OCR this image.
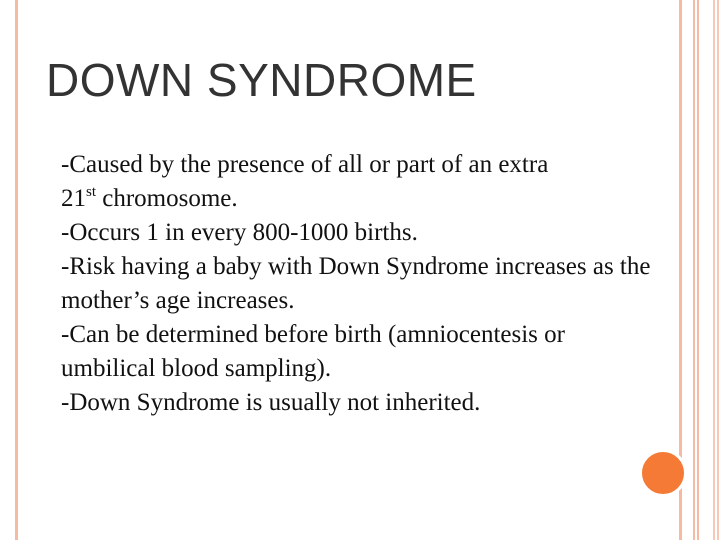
DOWN SYNDROME

-Caused by the presence of all or part of an extra
21st chromosome.

-Occurs 1 in every 800-1000 births.

-Risk having a baby with Down Syndrome increases as the mother’s age increases.

-Can be determined before birth (amniocentesis or umbilical blood sampling).

-Down Syndrome is usually not inherited.
